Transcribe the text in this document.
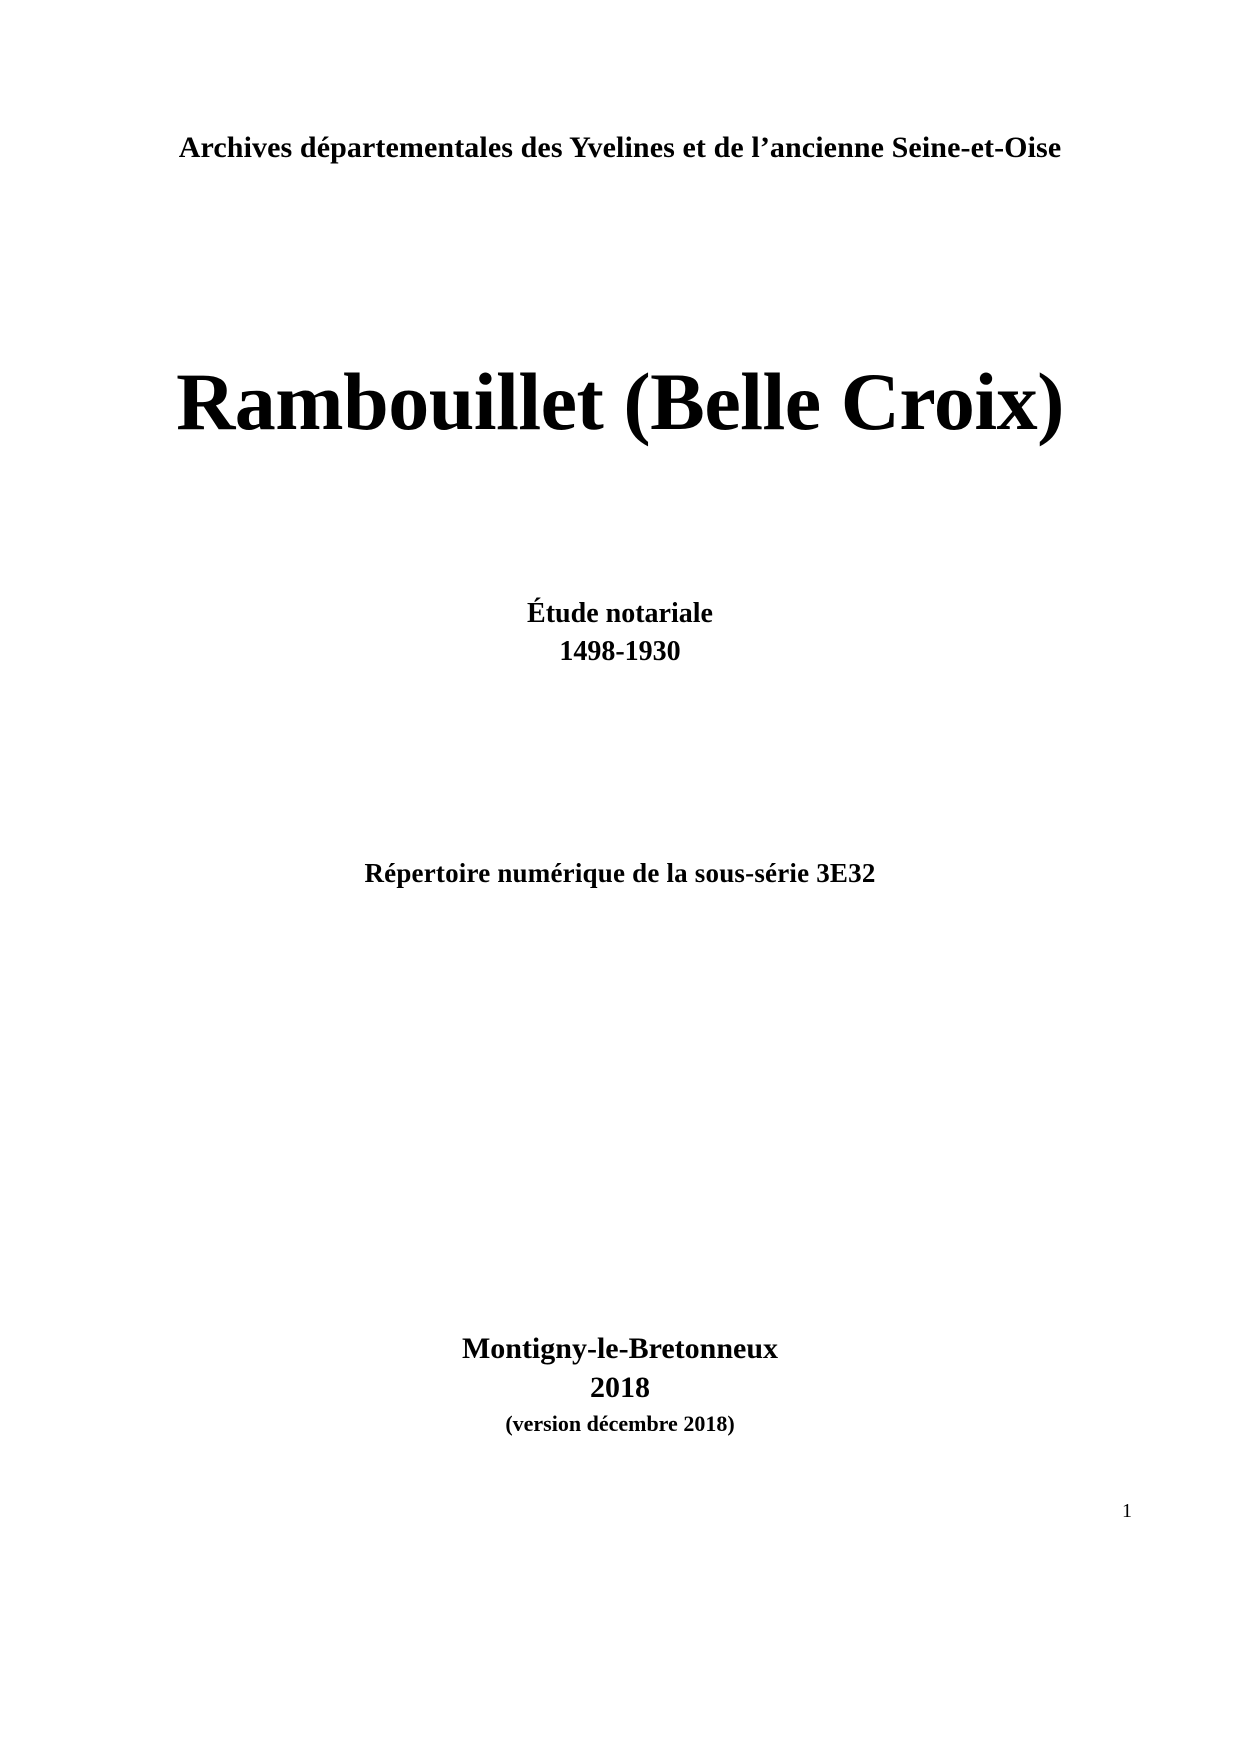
Archives départementales des Yvelines et de l’ancienne Seine-et-Oise
Rambouillet (Belle Croix)
Étude notariale
1498-1930
Répertoire numérique de la sous-série 3E32
Montigny-le-Bretonneux
2018
(version décembre 2018)
1
